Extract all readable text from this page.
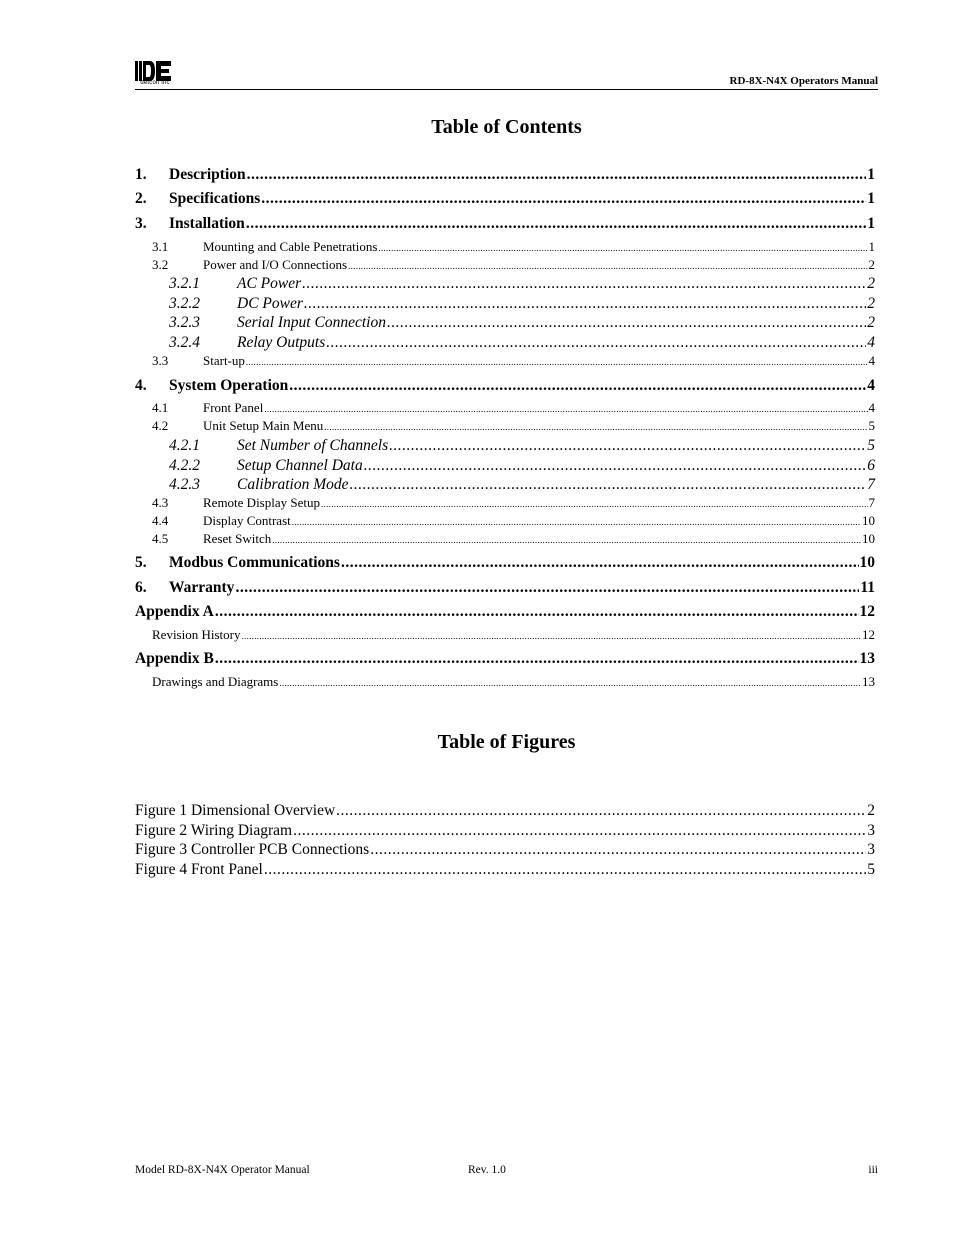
detcon inc	RD-8X-N4X Operators Manual
Table of Contents
1.	Description .....	1
2.	Specifications .....	1
3.	Installation .....	1
3.1	Mounting and Cable Penetrations .....	1
3.2	Power and I/O Connections .....	2
3.2.1	AC Power .....	2
3.2.2	DC Power .....	2
3.2.3	Serial Input Connection .....	2
3.2.4	Relay Outputs .....	4
3.3	Start-up .....	4
4.	System Operation .....	4
4.1	Front Panel .....	4
4.2	Unit Setup Main Menu .....	5
4.2.1	Set Number of Channels .....	5
4.2.2	Setup Channel Data .....	6
4.2.3	Calibration Mode .....	7
4.3	Remote Display Setup .....	7
4.4	Display Contrast .....	10
4.5	Reset Switch .....	10
5.	Modbus Communications .....	10
6.	Warranty .....	11
Appendix A .....	12
Revision History .....	12
Appendix B .....	13
Drawings and Diagrams .....	13
Table of Figures
Figure 1 Dimensional Overview .....	2
Figure 2 Wiring Diagram .....	3
Figure 3 Controller PCB Connections .....	3
Figure 4 Front Panel .....	5
Model RD-8X-N4X Operator Manual	Rev. 1.0	iii
